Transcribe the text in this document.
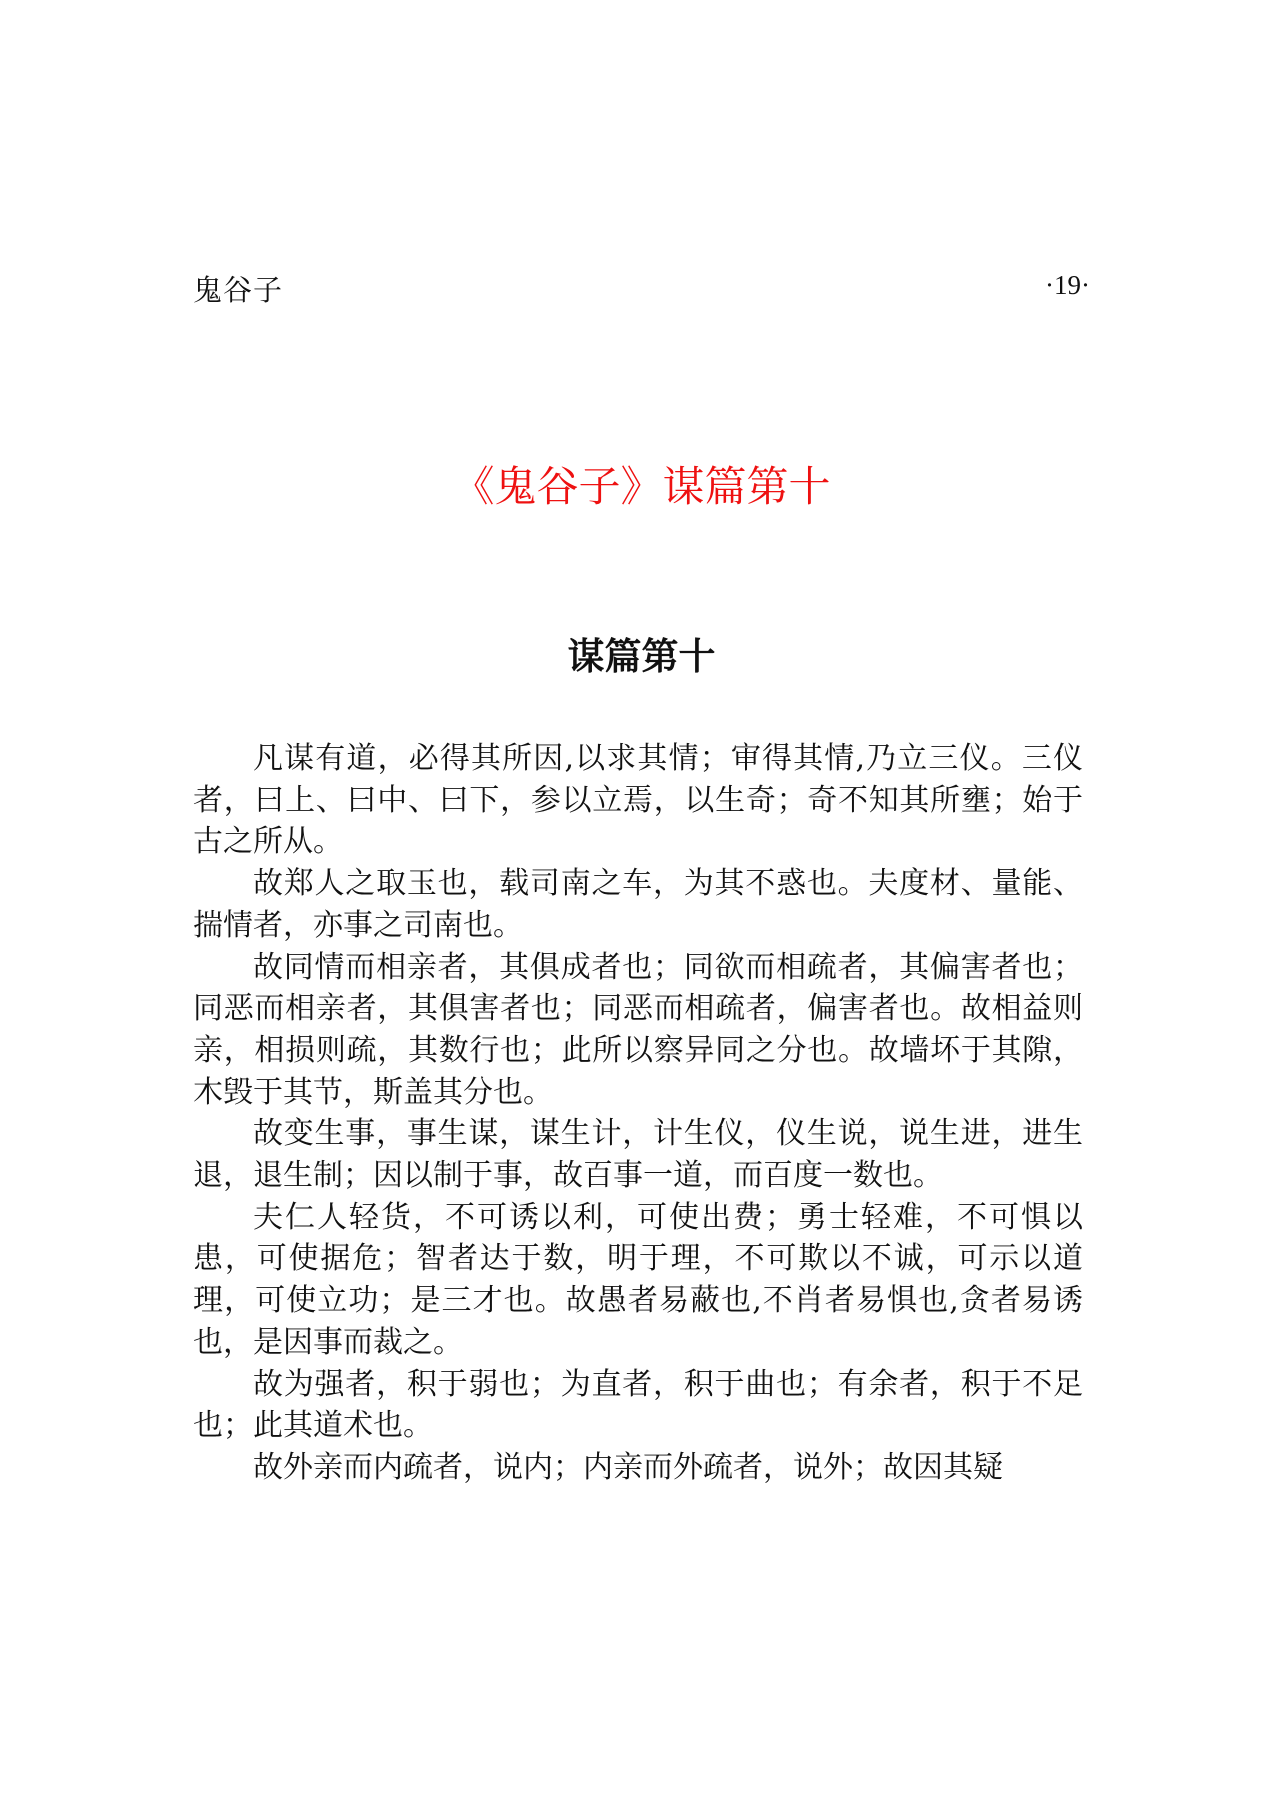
鬼谷子	·19·
《鬼谷子》谋篇第十
谋篇第十

凡谋有道，必得其所因,以求其情；审得其情,乃立三仪。三仪者，曰上、曰中、曰下，参以立焉，以生奇；奇不知其所壅；始于古之所从。

故郑人之取玉也，载司南之车，为其不惑也。夫度材、量能、揣情者，亦事之司南也。

故同情而相亲者，其俱成者也；同欲而相疏者，其偏害者也；同恶而相亲者，其俱害者也；同恶而相疏者，偏害者也。故相益则亲，相损则疏，其数行也；此所以察异同之分也。故墙坏于其隙，木毁于其节，斯盖其分也。

故变生事，事生谋，谋生计，计生仪，仪生说，说生进，进生退，退生制；因以制于事，故百事一道，而百度一数也。

夫仁人轻货，不可诱以利，可使出费；勇士轻难，不可惧以患，可使据危；智者达于数，明于理，不可欺以不诚，可示以道理，可使立功；是三才也。故愚者易蔽也,不肖者易惧也,贪者易诱也，是因事而裁之。

故为强者，积于弱也；为直者，积于曲也；有余者，积于不足也；此其道术也。

故外亲而内疏者，说内；内亲而外疏者，说外；故因其疑
